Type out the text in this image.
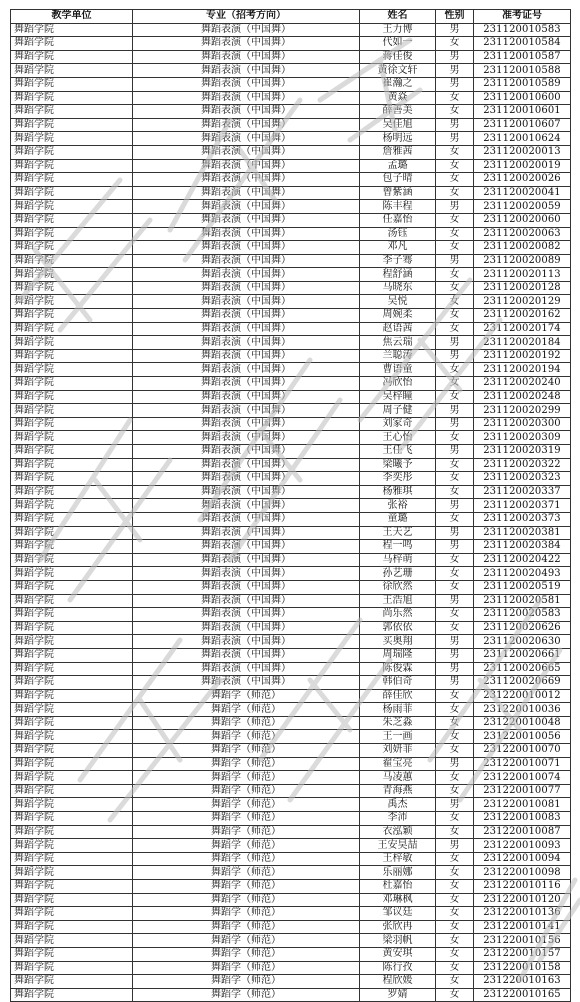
教学单位	专业（招考方向）	姓名	性别	准考证号
舞蹈学院	舞蹈表演（中国舞）	王力博	男	231120010583
舞蹈学院	舞蹈表演（中国舞）	代如一	女	231120010584
舞蹈学院	舞蹈表演（中国舞）	蒋佳俊	男	231120010587
舞蹈学院	舞蹈表演（中国舞）	黄徐文轩	男	231120010588
舞蹈学院	舞蹈表演（中国舞）	崔瀚之	男	231120010589
舞蹈学院	舞蹈表演（中国舞）	黄焱	女	231120010600
舞蹈学院	舞蹈表演（中国舞）	薛善美	女	231120010601
舞蹈学院	舞蹈表演（中国舞）	吴佳旭	男	231120010607
舞蹈学院	舞蹈表演（中国舞）	杨明远	男	231120010624
舞蹈学院	舞蹈表演（中国舞）	詹雅茜	女	231120020013
舞蹈学院	舞蹈表演（中国舞）	孟璐	女	231120020019
舞蹈学院	舞蹈表演（中国舞）	包子晴	女	231120020026
舞蹈学院	舞蹈表演（中国舞）	曾紫涵	女	231120020041
舞蹈学院	舞蹈表演（中国舞）	陈丰程	男	231120020059
舞蹈学院	舞蹈表演（中国舞）	任嘉怡	女	231120020060
舞蹈学院	舞蹈表演（中国舞）	汤钰	女	231120020063
舞蹈学院	舞蹈表演（中国舞）	邓凡	女	231120020082
舞蹈学院	舞蹈表演（中国舞）	李子骞	男	231120020089
舞蹈学院	舞蹈表演（中国舞）	程舒涵	女	231120020113
舞蹈学院	舞蹈表演（中国舞）	马晓东	女	231120020128
舞蹈学院	舞蹈表演（中国舞）	吴悦	女	231120020129
舞蹈学院	舞蹈表演（中国舞）	周婉柔	女	231120020162
舞蹈学院	舞蹈表演（中国舞）	赵语茜	女	231120020174
舞蹈学院	舞蹈表演（中国舞）	焦云瑞	男	231120020184
舞蹈学院	舞蹈表演（中国舞）	兰聪涛	男	231120020192
舞蹈学院	舞蹈表演（中国舞）	曹语童	女	231120020194
舞蹈学院	舞蹈表演（中国舞）	冯欣怡	女	231120020240
舞蹈学院	舞蹈表演（中国舞）	吴梓瞳	女	231120020248
舞蹈学院	舞蹈表演（中国舞）	周子健	男	231120020299
舞蹈学院	舞蹈表演（中国舞）	刘家奇	男	231120020300
舞蹈学院	舞蹈表演（中国舞）	王心怡	女	231120020309
舞蹈学院	舞蹈表演（中国舞）	王任飞	男	231120020319
舞蹈学院	舞蹈表演（中国舞）	梁曦予	女	231120020322
舞蹈学院	舞蹈表演（中国舞）	李奕彤	女	231120020323
舞蹈学院	舞蹈表演（中国舞）	杨雅琪	女	231120020337
舞蹈学院	舞蹈表演（中国舞）	张裕	男	231120020371
舞蹈学院	舞蹈表演（中国舞）	童璐	女	231120020373
舞蹈学院	舞蹈表演（中国舞）	王天艺	男	231120020381
舞蹈学院	舞蹈表演（中国舞）	程一鸣	男	231120020384
舞蹈学院	舞蹈表演（中国舞）	马梓萌	女	231120020422
舞蹈学院	舞蹈表演（中国舞）	孙艺珊	女	231120020493
舞蹈学院	舞蹈表演（中国舞）	徐欣然	女	231120020519
舞蹈学院	舞蹈表演（中国舞）	王浩旭	男	231120020581
舞蹈学院	舞蹈表演（中国舞）	尚乐然	女	231120020583
舞蹈学院	舞蹈表演（中国舞）	郭依依	女	231120020626
舞蹈学院	舞蹈表演（中国舞）	买奥翔	男	231120020630
舞蹈学院	舞蹈表演（中国舞）	周瑞隆	男	231120020661
舞蹈学院	舞蹈表演（中国舞）	陈俊霖	男	231120020665
舞蹈学院	舞蹈表演（中国舞）	韩伯奇	男	231120020669
舞蹈学院	舞蹈学（师范）	薛佳欣	女	231220010012
舞蹈学院	舞蹈学（师范）	杨雨菲	女	231220010036
舞蹈学院	舞蹈学（师范）	朱芝淼	女	231220010048
舞蹈学院	舞蹈学（师范）	王一画	女	231220010056
舞蹈学院	舞蹈学（师范）	刘妍菲	女	231220010070
舞蹈学院	舞蹈学（师范）	翟宝亮	男	231220010071
舞蹈学院	舞蹈学（师范）	马凌蕙	女	231220010074
舞蹈学院	舞蹈学（师范）	青海燕	女	231220010077
舞蹈学院	舞蹈学（师范）	禹杰	男	231220010081
舞蹈学院	舞蹈学（师范）	李沛	女	231220010083
舞蹈学院	舞蹈学（师范）	衣泓颖	女	231220010087
舞蹈学院	舞蹈学（师范）	王安昊喆	男	231220010093
舞蹈学院	舞蹈学（师范）	王梓敏	女	231220010094
舞蹈学院	舞蹈学（师范）	乐丽娜	女	231220010098
舞蹈学院	舞蹈学（师范）	杜嘉怡	女	231220010116
舞蹈学院	舞蹈学（师范）	邓琳枫	女	231220010120
舞蹈学院	舞蹈学（师范）	邹议廷	女	231220010136
舞蹈学院	舞蹈学（师范）	张欣冉	女	231220010141
舞蹈学院	舞蹈学（师范）	梁羽帆	女	231220010156
舞蹈学院	舞蹈学（师范）	黄安琪	女	231220010157
舞蹈学院	舞蹈学（师范）	陈行孜	女	231220010158
舞蹈学院	舞蹈学（师范）	程欣媛	女	231220010163
舞蹈学院	舞蹈学（师范）	罗婧	女	231220010165
